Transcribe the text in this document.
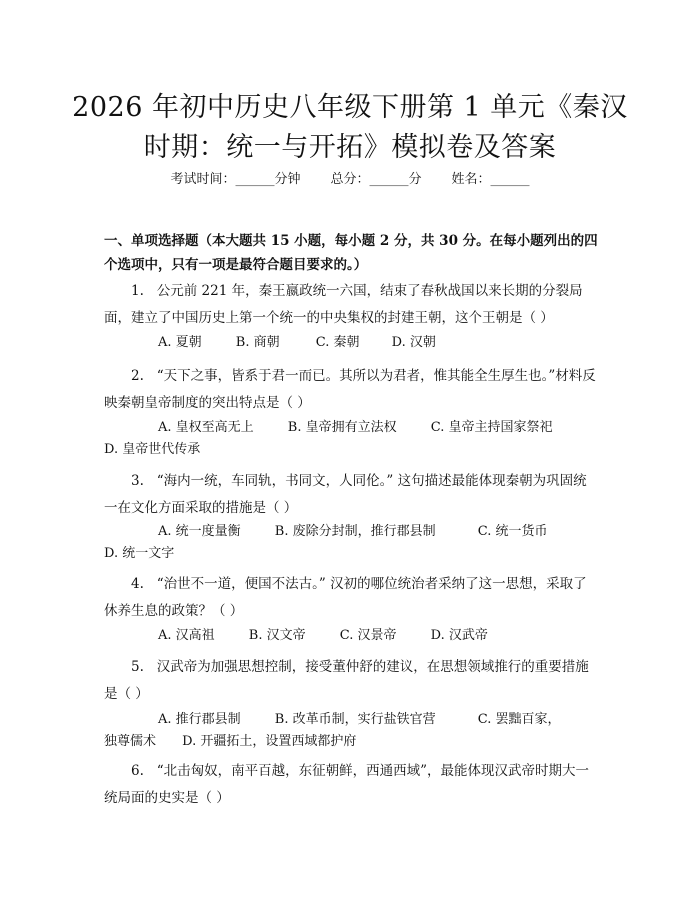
2026 年初中历史八年级下册第 1 单元《秦汉
时期：统一与开拓》模拟卷及答案
考试时间：______分钟 总分：______分 姓名：______
一、单项选择题（本大题共 15 小题，每小题 2 分，共 30 分。在每小题列出的四个选项中，只有一项是最符合题目要求的。）
1.   公元前 221 年，秦王嬴政统一六国，结束了春秋战国以来长期的分裂局面，建立了中国历史上第一个统一的中央集权的封建王朝，这个王朝是（ ）
A. 夏朝	B. 商朝	C. 秦朝 D. 汉朝
2.   “天下之事，皆系于君一而已。其所以为君者，惟其能全生厚生也。”材料反映秦朝皇帝制度的突出特点是（ ）
A. 皇权至高无上	B. 皇帝拥有立法权	C. 皇帝主持国家祭祀
D. 皇帝世代传承
3.   “海内一统，车同轨，书同文，人同伦。” 这句描述最能体现秦朝为巩固统一在文化方面采取的措施是（ ）
A. 统一度量衡	B. 废除分封制，推行郡县制	C. 统一货币
D. 统一文字
4.   “治世不一道，便国不法古。” 汉初的哪位统治者采纳了这一思想，采取了休养生息的政策？（ ）
A. 汉高祖	B. 汉文帝	C. 汉景帝	D. 汉武帝
5.   汉武帝为加强思想控制，接受董仲舒的建议，在思想领域推行的重要措施是（ ）
A. 推行郡县制	B. 改革币制，实行盐铁官营	C. 罢黜百家，
独尊儒术 D. 开疆拓土，设置西域都护府
6.   “北击匈奴，南平百越，东征朝鲜，西通西域”，最能体现汉武帝时期大一统局面的史实是（ ）
